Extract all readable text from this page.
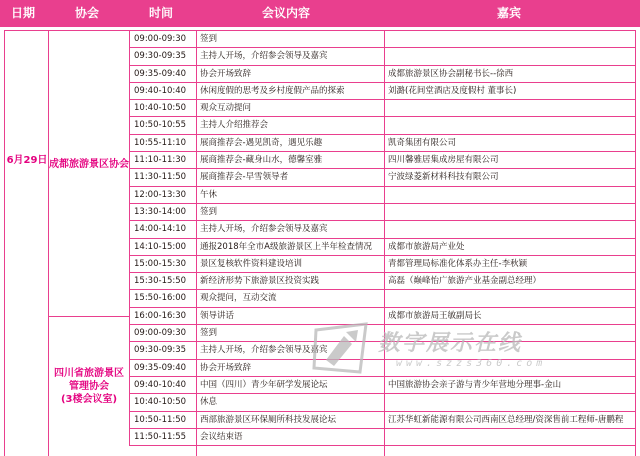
日期	协会	时间	会议内容	嘉宾
6月29日 成都旅游景区协会
四川省旅游景区
管理协会
(3楼会议室)
09:00-09:30	签到
09:30-09:35	主持人开场，介绍参会领导及嘉宾
09:35-09:40	协会开场致辞	成都旅游景区协会副秘书长--徐西
09:40-10:40	休闲度假的思考及乡村度假产品的探索	刘潞(花间堂酒店及度假村 董事长)
10:40-10:50	观众互动提问
10:50-10:55	主持人介绍推荐会
10:55-11:10	展商推荐会-遇见凯奇，遇见乐趣	凯奇集团有限公司
11:10-11:30	展商推荐会-藏身山水，德馨室雅	四川馨雅居集成房屋有限公司
11:30-11:50	展商推荐会-早雪领导者	宁波绿菱新材料科技有限公司
12:00-13:30	午休
13:30-14:00	签到
14:00-14:10	主持人开场，介绍参会领导及嘉宾
14:10-15:00	通报2018年全市A级旅游景区上半年检查情况	成都市旅游局产业处
15:00-15:30	景区复核软件资料建设培训	青都管理局标准化体系办主任-李秋颖
15:30-15:50	新经济形势下旅游景区投资实践	高磊（巅峰怡广旅游产业基金副总经理）
15:50-16:00	观众提问，互动交流
16:00-16:30	领导讲话	成都市旅游局王敏副局长
09:00-09:30	签到
09:30-09:35	主持人开场，介绍参会领导及嘉宾
09:35-09:40	协会开场致辞
09:40-10:40	中国（四川）青少年研学发展论坛	中国旅游协会亲子游与青少年营地分理事-金山
10:40-10:50	休息
10:50-11:50	西部旅游景区环保厕所科技发展论坛	江苏华虹新能源有限公司西南区总经理/资深售前工程师-唐鹏程
11:50-11:55	会议结束语
数字展示在线
www.szzs360.com
